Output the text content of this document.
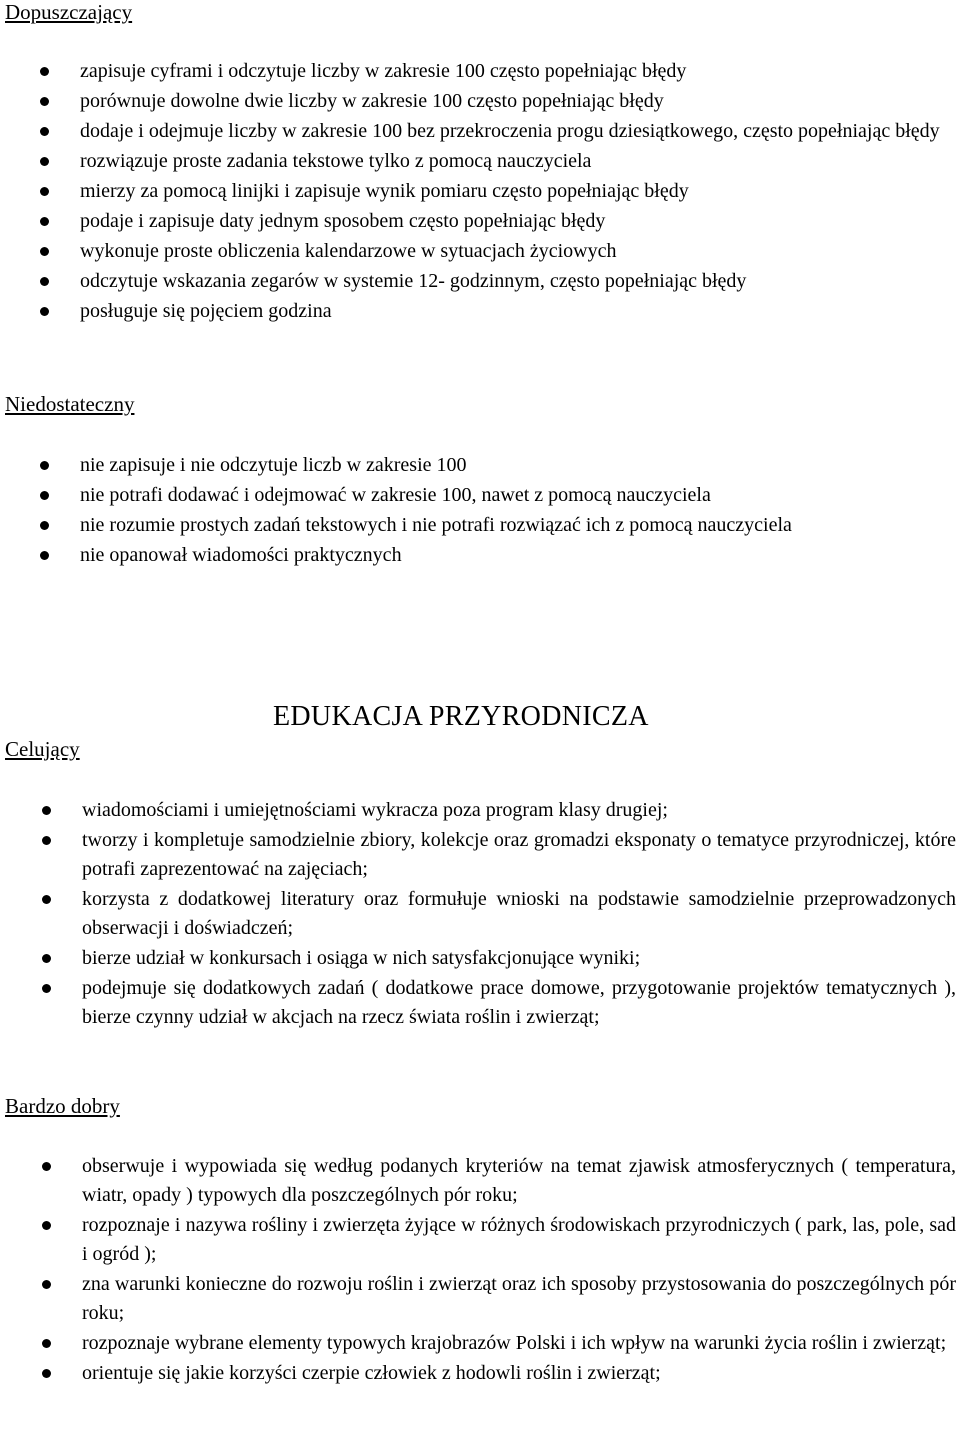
Dopuszczający
zapisuje cyframi i odczytuje liczby w zakresie 100 często popełniając błędy
porównuje dowolne dwie liczby w zakresie 100 często popełniając błędy
dodaje i odejmuje liczby w zakresie 100 bez przekroczenia progu dziesiątkowego, często popełniając błędy
rozwiązuje proste zadania tekstowe tylko z pomocą nauczyciela
mierzy za pomocą linijki i zapisuje wynik pomiaru często popełniając błędy
podaje i zapisuje daty jednym sposobem często popełniając błędy
wykonuje proste obliczenia kalendarzowe w sytuacjach życiowych
odczytuje wskazania zegarów w systemie 12- godzinnym, często popełniając błędy
posługuje się pojęciem godzina
Niedostateczny
nie zapisuje i nie odczytuje liczb w zakresie 100
nie potrafi dodawać i odejmować w zakresie 100, nawet z pomocą nauczyciela
nie rozumie prostych zadań tekstowych i nie potrafi rozwiązać ich z pomocą nauczyciela
nie opanował wiadomości praktycznych
EDUKACJA PRZYRODNICZA
Celujący
wiadomościami i umiejętnościami wykracza poza program klasy drugiej;
tworzy i kompletuje samodzielnie zbiory, kolekcje oraz gromadzi eksponaty o tematyce przyrodniczej, które potrafi zaprezentować na zajęciach;
korzysta z dodatkowej literatury oraz formułuje wnioski na podstawie samodzielnie przeprowadzonych obserwacji i doświadczeń;
bierze udział w konkursach i osiąga w nich satysfakcjonujące wyniki;
podejmuje się dodatkowych zadań ( dodatkowe prace domowe, przygotowanie projektów tematycznych ), bierze czynny udział w akcjach na rzecz świata roślin i zwierząt;
Bardzo dobry
obserwuje i wypowiada się według podanych kryteriów na temat zjawisk atmosferycznych ( temperatura, wiatr, opady ) typowych dla poszczególnych pór roku;
rozpoznaje i nazywa rośliny i zwierzęta żyjące w różnych środowiskach przyrodniczych ( park, las, pole, sad i ogród );
zna warunki konieczne do rozwoju roślin i zwierząt oraz ich sposoby przystosowania do poszczególnych pór roku;
rozpoznaje wybrane elementy typowych krajobrazów Polski i ich wpływ na warunki życia roślin i zwierząt;
orientuje się jakie korzyści czerpie człowiek z hodowli roślin i zwierząt;
